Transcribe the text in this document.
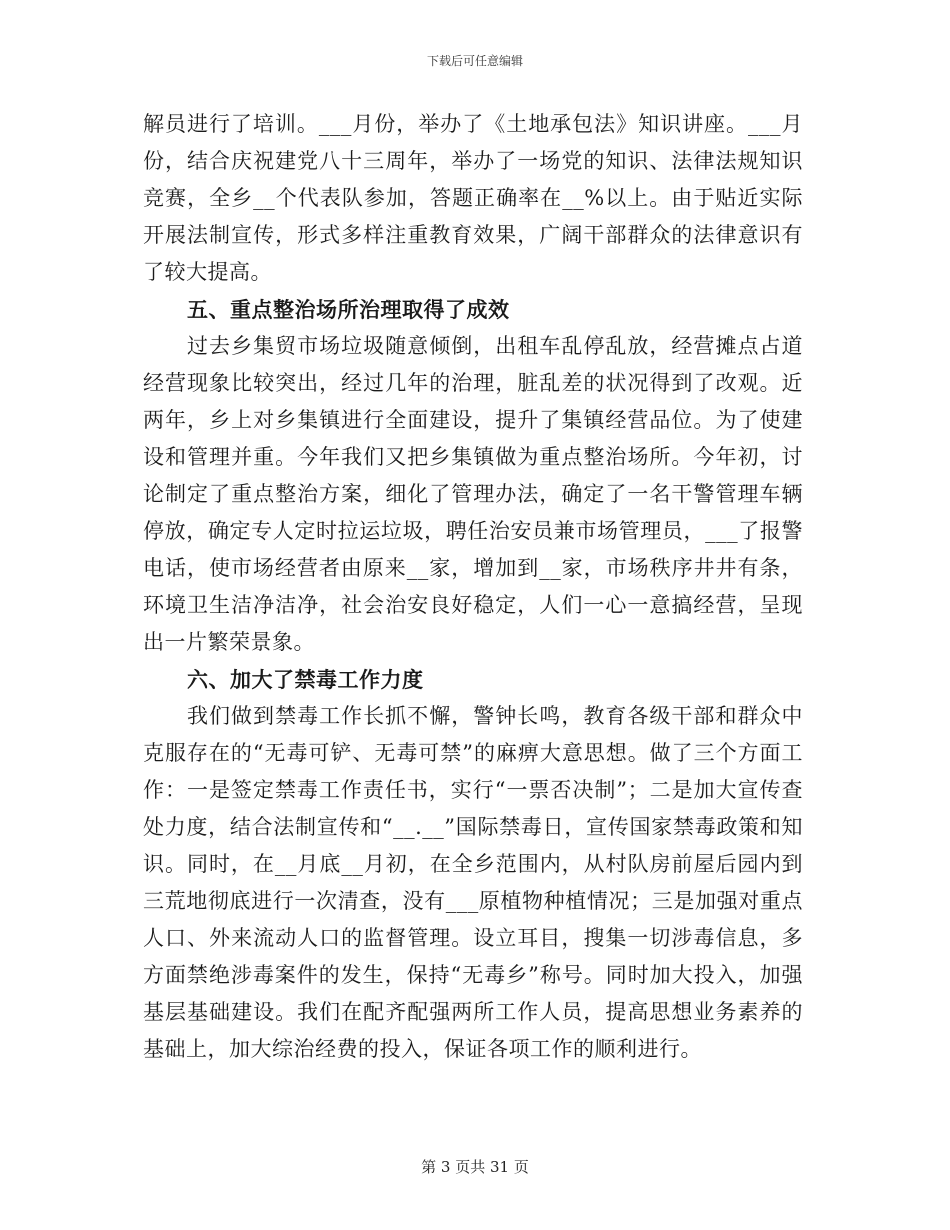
下载后可任意编辑

解员进行了培训。___月份，举办了《土地承包法》知识讲座。___月份，结合庆祝建党八十三周年，举办了一场党的知识、法律法规知识竞赛，全乡__个代表队参加，答题正确率在__%以上。由于贴近实际开展法制宣传，形式多样注重教育效果，广阔干部群众的法律意识有了较大提高。

五、重点整治场所治理取得了成效

过去乡集贸市场垃圾随意倾倒，出租车乱停乱放，经营摊点占道经营现象比较突出，经过几年的治理，脏乱差的状况得到了改观。近两年，乡上对乡集镇进行全面建设，提升了集镇经营品位。为了使建设和管理并重。今年我们又把乡集镇做为重点整治场所。今年初，讨论制定了重点整治方案，细化了管理办法，确定了一名干警管理车辆停放，确定专人定时拉运垃圾，聘任治安员兼市场管理员，___了报警电话，使市场经营者由原来__家，增加到__家，市场秩序井井有条，环境卫生洁净洁净，社会治安良好稳定，人们一心一意搞经营，呈现出一片繁荣景象。

六、加大了禁毒工作力度

我们做到禁毒工作长抓不懈，警钟长鸣，教育各级干部和群众中克服存在的“无毒可铲、无毒可禁”的麻痹大意思想。做了三个方面工作：一是签定禁毒工作责任书，实行“一票否决制”；二是加大宣传查处力度，结合法制宣传和“__.__”国际禁毒日，宣传国家禁毒政策和知识。同时，在__月底__月初，在全乡范围内，从村队房前屋后园内到三荒地彻底进行一次清查，没有___原植物种植情况；三是加强对重点人口、外来流动人口的监督管理。设立耳目，搜集一切涉毒信息，多方面禁绝涉毒案件的发生，保持“无毒乡”称号。同时加大投入，加强基层基础建设。我们在配齐配强两所工作人员，提高思想业务素养的基础上，加大综治经费的投入，保证各项工作的顺利进行。

第 3 页共 31 页
